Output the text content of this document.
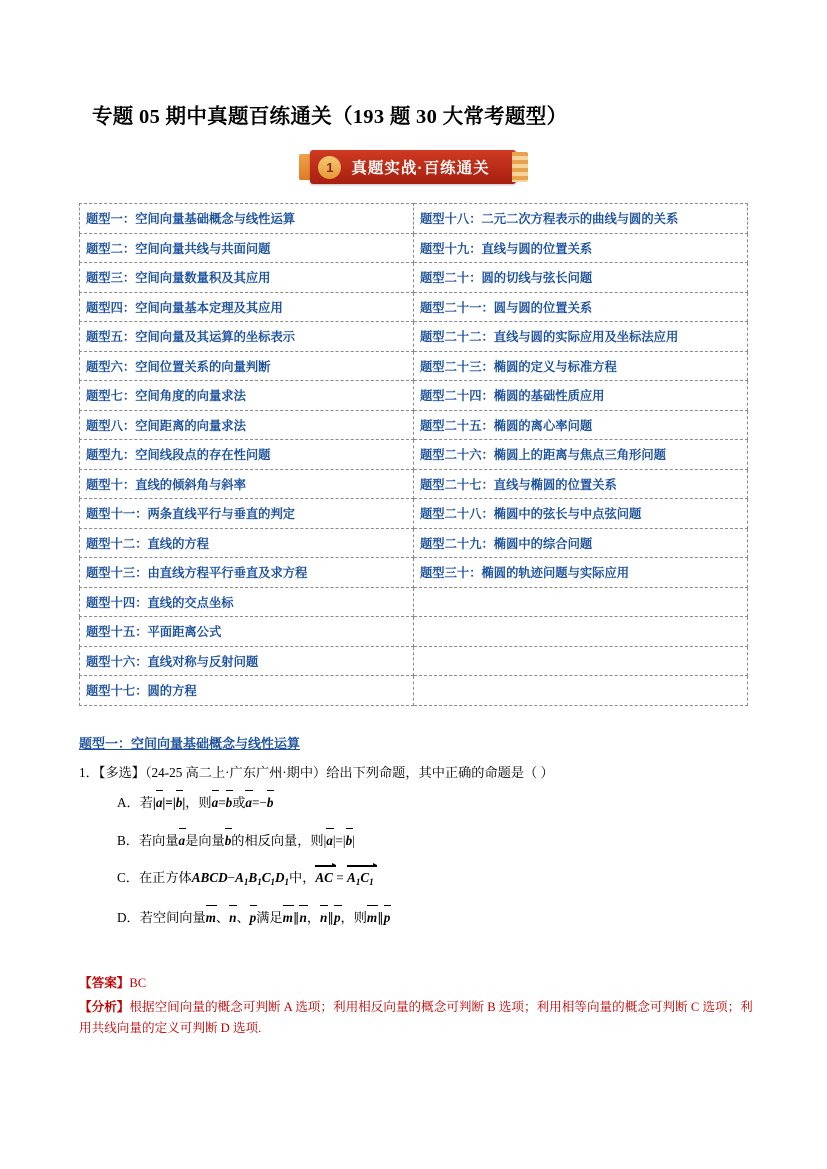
专题 05 期中真题百练通关（193 题 30 大常考题型）
1	真题实战·百练通关
题型一：空间向量基础概念与线性运算	题型十八：二元二次方程表示的曲线与圆的关系

题型二：空间向量共线与共面问题	题型十九：直线与圆的位置关系

题型三：空间向量数量积及其应用	题型二十：圆的切线与弦长问题

题型四：空间向量基本定理及其应用	题型二十一：圆与圆的位置关系

题型五：空间向量及其运算的坐标表示	题型二十二：直线与圆的实际应用及坐标法应用

题型六：空间位置关系的向量判断	题型二十三：椭圆的定义与标准方程

题型七：空间角度的向量求法	题型二十四：椭圆的基础性质应用

题型八：空间距离的向量求法	题型二十五：椭圆的离心率问题

题型九：空间线段点的存在性问题	题型二十六：椭圆上的距离与焦点三角形问题

题型十：直线的倾斜角与斜率	题型二十七：直线与椭圆的位置关系

题型十一：两条直线平行与垂直的判定	题型二十八：椭圆中的弦长与中点弦问题

题型十二：直线的方程	题型二十九：椭圆中的综合问题

题型十三：由直线方程平行垂直及求方程	题型三十：椭圆的轨迹问题与实际应用

题型十四：直线的交点坐标	

题型十五：平面距离公式	

题型十六：直线对称与反射问题	

题型十七：圆的方程	

题型一：空间向量基础概念与线性运算
1．【多选】（24-25 高二上·广东广州·期中）给出下列命题，其中正确的命题是（ ）
A．若|a|=|b|，则a=b或a=−b
B．若向量a是向量b的相反向量，则|a|=|b|
C．在正方体$ABCD-A_1B_1C_1D_1$中，AC = $A_1C_1$
D．若空间向量m、n、p满足m∥n，n∥p，则m∥p
【答案】BC
【分析】根据空间向量的概念可判断 A 选项；利用相反向量的概念可判断 B 选项；利用相等向量的概念可判断 C 选项；利用共线向量的定义可判断 D 选项.
